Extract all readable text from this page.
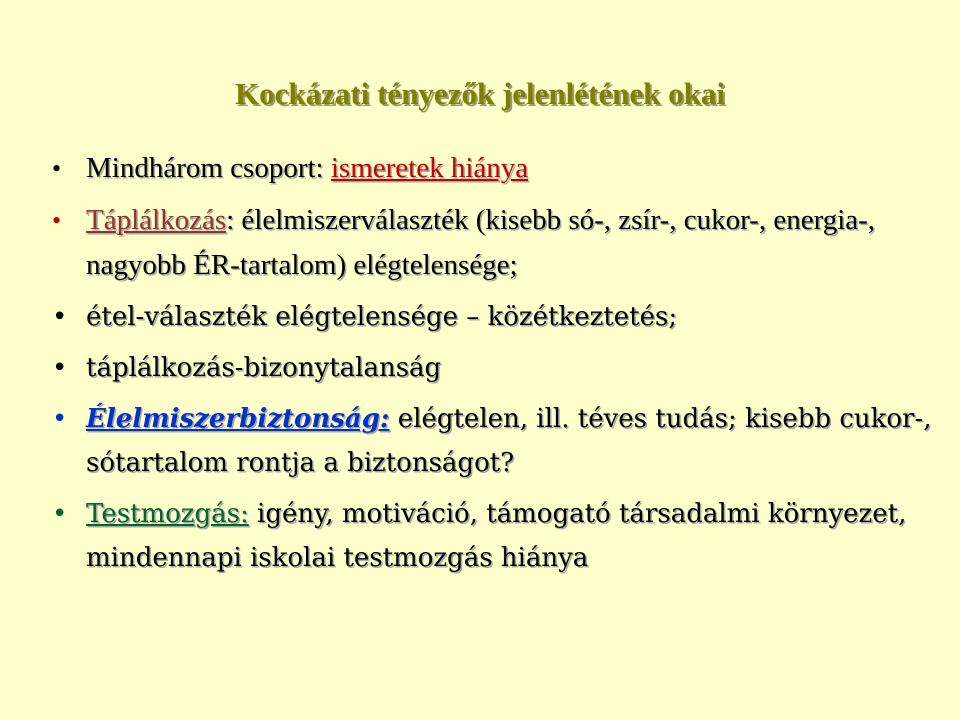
Kockázati tényezők jelenlétének okai
• Mindhárom csoport: ismeretek hiánya
• Táplálkozás: élelmiszerválaszték (kisebb só-, zsír-, cukor-, energia-, nagyobb ÉR-tartalom) elégtelensége;
• étel-választék elégtelensége – közétkeztetés;
• táplálkozás-bizonytalanság
• Élelmiszerbiztonság: elégtelen, ill. téves tudás; kisebb cukor-, sótartalom rontja a biztonságot?
• Testmozgás: igény, motiváció, támogató társadalmi környezet, mindennapi iskolai testmozgás hiánya
